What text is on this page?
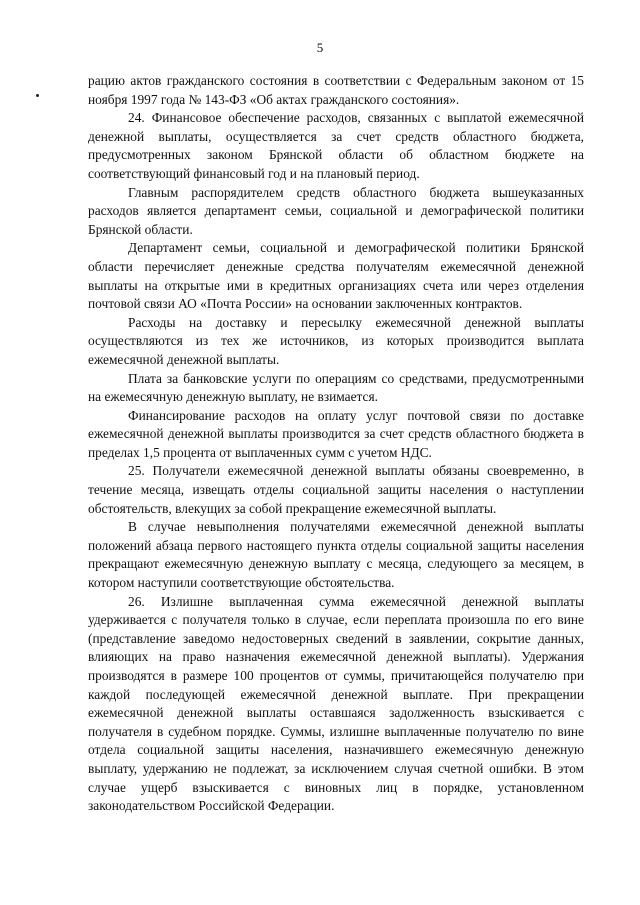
5

рацию актов гражданского состояния в соответствии с Федеральным законом от 15 ноября 1997 года № 143-ФЗ «Об актах гражданского состояния».

24. Финансовое обеспечение расходов, связанных с выплатой ежемесячной денежной выплаты, осуществляется за счет средств областного бюджета, предусмотренных законом Брянской области об областном бюджете на соответствующий финансовый год и на плановый период.

Главным распорядителем средств областного бюджета вышеуказанных расходов является департамент семьи, социальной и демографической политики Брянской области.

Департамент семьи, социальной и демографической политики Брянской области перечисляет денежные средства получателям ежемесячной денежной выплаты на открытые ими в кредитных организациях счета или через отделения почтовой связи АО «Почта России» на основании заключенных контрактов.

Расходы на доставку и пересылку ежемесячной денежной выплаты осуществляются из тех же источников, из которых производится выплата ежемесячной денежной выплаты.

Плата за банковские услуги по операциям со средствами, предусмотренными на ежемесячную денежную выплату, не взимается.

Финансирование расходов на оплату услуг почтовой связи по доставке ежемесячной денежной выплаты производится за счет средств областного бюджета в пределах 1,5 процента от выплаченных сумм с учетом НДС.

25. Получатели ежемесячной денежной выплаты обязаны своевременно, в течение месяца, извещать отделы социальной защиты населения о наступлении обстоятельств, влекущих за собой прекращение ежемесячной выплаты.

В случае невыполнения получателями ежемесячной денежной выплаты положений абзаца первого настоящего пункта отделы социальной защиты населения прекращают ежемесячную денежную выплату с месяца, следующего за месяцем, в котором наступили соответствующие обстоятельства.

26. Излишне выплаченная сумма ежемесячной денежной выплаты удерживается с получателя только в случае, если переплата произошла по его вине (представление заведомо недостоверных сведений в заявлении, сокрытие данных, влияющих на право назначения ежемесячной денежной выплаты). Удержания производятся в размере 100 процентов от суммы, причитающейся получателю при каждой последующей ежемесячной денежной выплате. При прекращении ежемесячной денежной выплаты оставшаяся задолженность взыскивается с получателя в судебном порядке. Суммы, излишне выплаченные получателю по вине отдела социальной защиты населения, назначившего ежемесячную денежную выплату, удержанию не подлежат, за исключением случая счетной ошибки. В этом случае ущерб взыскивается с виновных лиц в порядке, установленном законодательством Российской Федерации.
